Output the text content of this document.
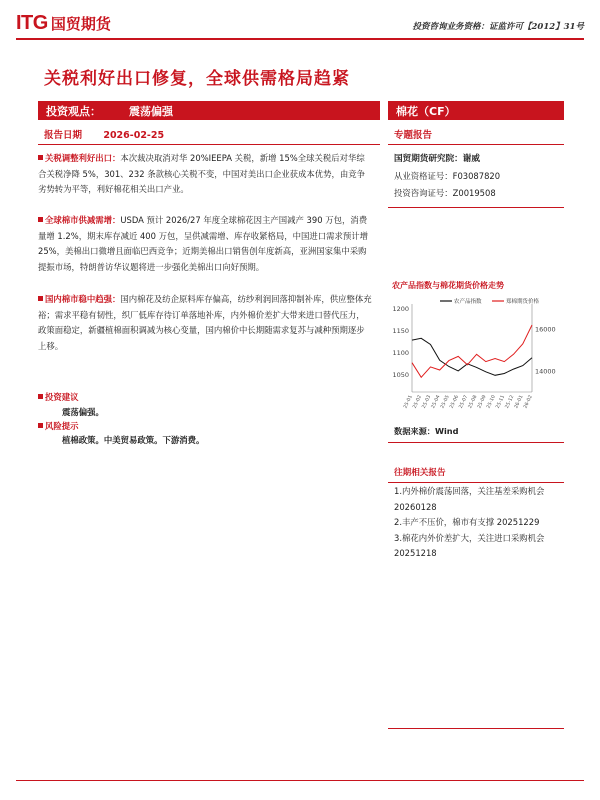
ITG 国贸期货	投资咨询业务资格：证监许可【2012】31号
关税利好出口修复，全球供需格局趋紧
投资观点：	震荡偏强	棉花（CF）
报告日期 2026-02-25	专题报告
关税调整利好出口：本次裁决取消对华 20%IEEPA 关税，新增 15%全球关税后对华综合关税净降 5%，301、232 条款核心关税不变，中国对美出口企业获成本优势，由竞争劣势转为平等，利好棉花相关出口产业。
全球棉市供减需增：USDA 预计 2026/27 年度全球棉花因主产国减产 390 万包，消费量增 1.2%，期末库存减近 400 万包，呈供减需增、库存收紧格局，中国进口需求预计增 25%，美棉出口微增且面临巴西竞争；近期美棉出口销售创年度新高，亚洲国家集中采购提振市场，特朗普访华议题将进一步强化美棉出口向好预期。
国内棉市稳中趋强：国内棉花及纺企原料库存偏高，纺纱利润回落抑制补库，供应整体充裕；需求平稳有韧性，织厂低库存待订单落地补库，内外棉价差扩大带来进口替代压力，政策面稳定，新疆植棉面积调减为核心变量，国内棉价中长期随需求复苏与减种预期逐步上移。
投资建议
震荡偏强。
风险提示
植棉政策。中美贸易政策。下游消费。
国贸期货研究院：谢威
从业资格证号：F03087820
投资咨询证号：Z0019508
农产品指数与棉花期货价格走势
1050
1100
1150
1200
14000
16000
25-01
25-02
25-03
25-04
25-05
25-06
25-07
25-08
25-09
25-10
25-11
25-12
26-01
26-02
农产品指数	郑棉期货价格
数据来源：Wind
往期相关报告
1.内外棉价震荡回落，关注基差采购机会 20260128
2.丰产不压价，棉市有支撑 20251229
3.棉花内外价差扩大，关注进口采购机会 20251218
